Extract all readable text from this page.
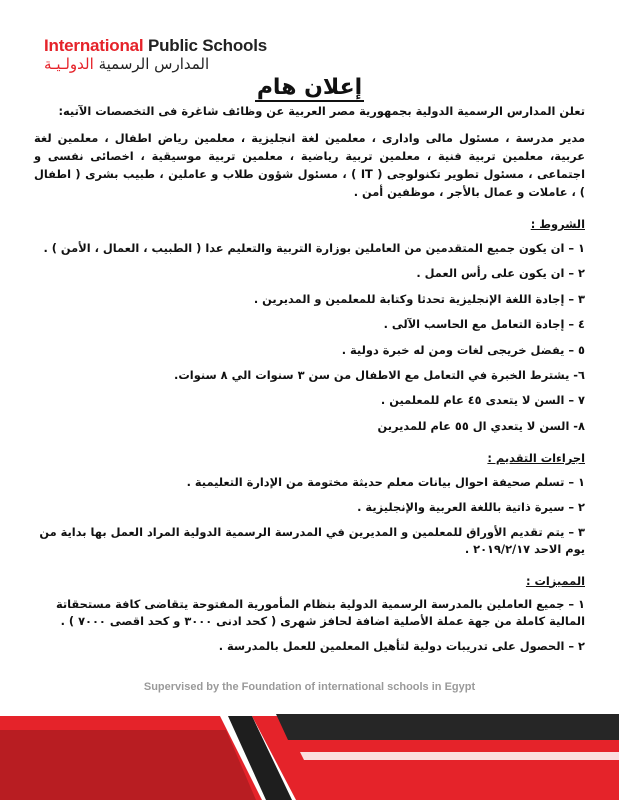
International Public Schools
المدارس الرسمية الدولـيـة
إعلان هام

تعلن المدارس الرسمية الدولية بجمهورية مصر العربية عن وظائف شاغرة فى التخصصات الآتيه:

مدير مدرسة ، مسئول مالى وادارى ، معلمين لغة انجليزية ، معلمين رياض اطفال ، معلمين لغة عربية، معلمين تربية فنية ، معلمين تربية رياضية ، معلمين تربية موسيقية ، اخصائى نفسى و اجتماعى ، مسئول تطوير تكنولوجى ( IT ) ، مسئول شؤون طلاب و عاملين ، طبيب بشرى ( اطفال ) ، عاملات و عمال بالأجر ، موظفين أمن .

الشروط :

١ – ان يكون جميع المتقدمين من العاملين بوزارة التربية والتعليم عدا ( الطبيب ، العمال ، الأمن ) .

٢ – ان يكون على رأس العمل .

٣ – إجادة اللغة الإنجليزية تحدثا وكتابة للمعلمين و المديرين .

٤ – إجادة التعامل مع الحاسب الآلى .

٥ – يفضل خريجى لغات ومن له خبرة دولية .

٦- يشترط الخبرة في التعامل مع الاطفال من سن ٣ سنوات الي ٨ سنوات.

٧ – السن لا يتعدى ٤٥ عام للمعلمين .

٨- السن لا يتعدي ال ٥٥ عام للمديرين

اجراءات التقديم :

١ – تسلم صحيفة احوال بيانات معلم حديثة مختومة من الإدارة التعليمية .

٢ – سيرة ذاتية باللغة العربية والإنجليزية .

٣ – يتم تقديم الأوراق للمعلمين و المديرين في المدرسة الرسمية الدولية المراد العمل بها بداية من يوم الاحد ٢٠١٩/٢/١٧ .

المميزات :

١ – جميع العاملين بالمدرسة الرسمية الدولية بنظام المأمورية المفتوحة يتقاضى كافة مستحقاتة المالية كاملة من جهة عملة الأصلية اضافة لحافز شهرى ( كحد ادنى ٣٠٠٠ و كحد اقصى ٧٠٠٠ ) .

٢ – الحصول على تدريبات دولية لتأهيل المعلمين للعمل بالمدرسة .

Supervised by the Foundation of international schools in Egypt
